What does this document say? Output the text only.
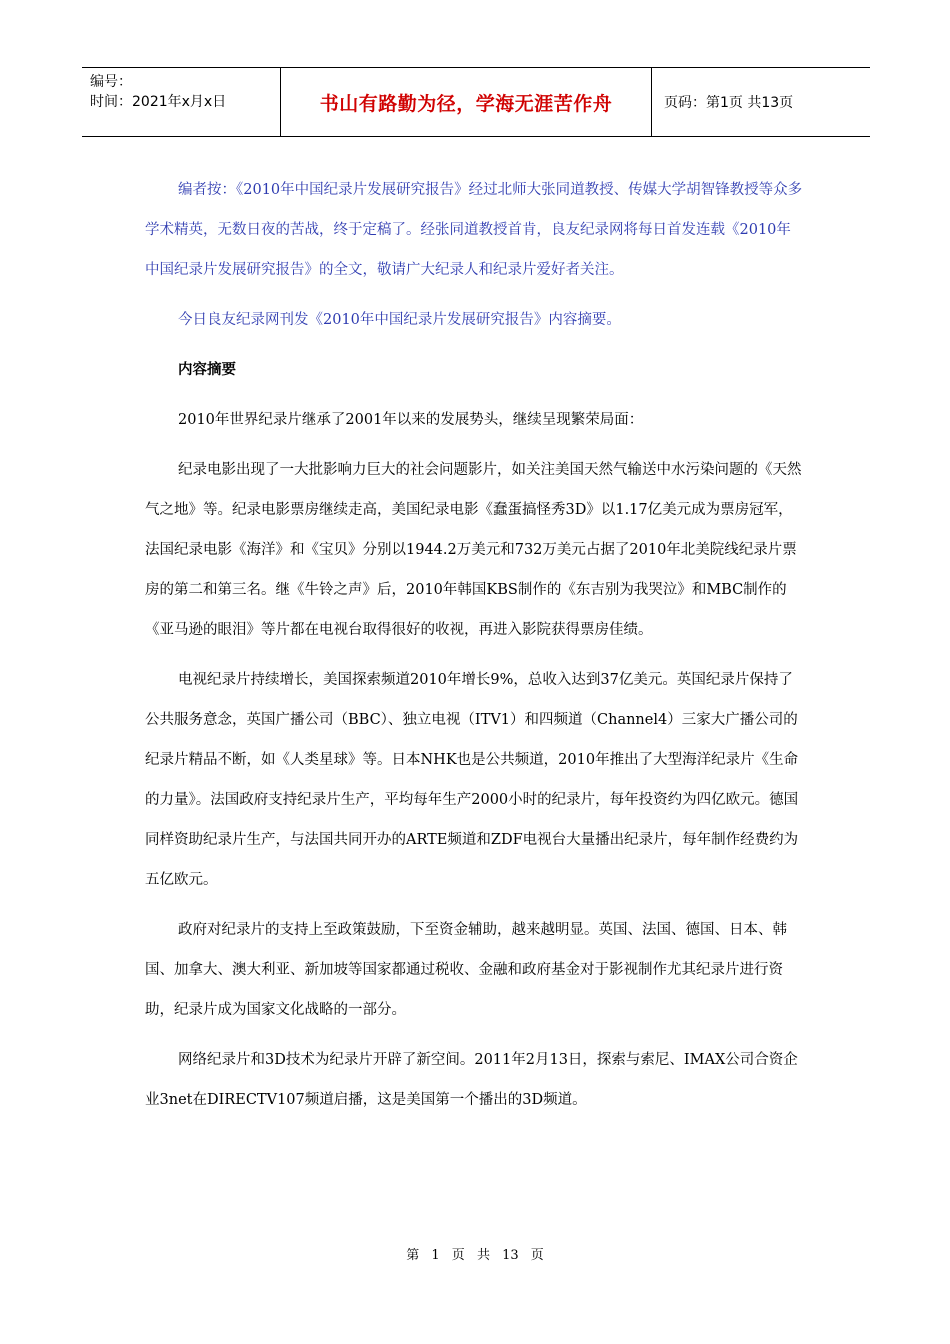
编号：
时间：2021年x月x日	书山有路勤为径，学海无涯苦作舟	页码：第1页 共13页

编者按：《2010年中国纪录片发展研究报告》经过北师大张同道教授、传媒大学胡智锋教授等众多学术精英，无数日夜的苦战，终于定稿了。经张同道教授首肯，良友纪录网将每日首发连载《2010年中国纪录片发展研究报告》的全文，敬请广大纪录人和纪录片爱好者关注。

今日良友纪录网刊发《2010年中国纪录片发展研究报告》内容摘要。

内容摘要

2010年世界纪录片继承了2001年以来的发展势头，继续呈现繁荣局面：

纪录电影出现了一大批影响力巨大的社会问题影片，如关注美国天然气输送中水污染问题的《天然气之地》等。纪录电影票房继续走高，美国纪录电影《蠢蛋搞怪秀3D》以1.17亿美元成为票房冠军，法国纪录电影《海洋》和《宝贝》分别以1944.2万美元和732万美元占据了2010年北美院线纪录片票房的第二和第三名。继《牛铃之声》后，2010年韩国KBS制作的《东吉别为我哭泣》和MBC制作的《亚马逊的眼泪》等片都在电视台取得很好的收视，再进入影院获得票房佳绩。

电视纪录片持续增长，美国探索频道2010年增长9%，总收入达到37亿美元。英国纪录片保持了公共服务意念，英国广播公司（BBC）、独立电视（ITV1）和四频道（Channel4）三家大广播公司的纪录片精品不断，如《人类星球》等。日本NHK也是公共频道，2010年推出了大型海洋纪录片《生命的力量》。法国政府支持纪录片生产，平均每年生产2000小时的纪录片，每年投资约为四亿欧元。德国同样资助纪录片生产，与法国共同开办的ARTE频道和ZDF电视台大量播出纪录片，每年制作经费约为五亿欧元。

政府对纪录片的支持上至政策鼓励，下至资金辅助，越来越明显。英国、法国、德国、日本、韩国、加拿大、澳大利亚、新加坡等国家都通过税收、金融和政府基金对于影视制作尤其纪录片进行资助，纪录片成为国家文化战略的一部分。

网络纪录片和3D技术为纪录片开辟了新空间。2011年2月13日，探索与索尼、IMAX公司合资企业3net在DIRECTV107频道启播，这是美国第一个播出的3D频道。

第 1 页 共 13 页
